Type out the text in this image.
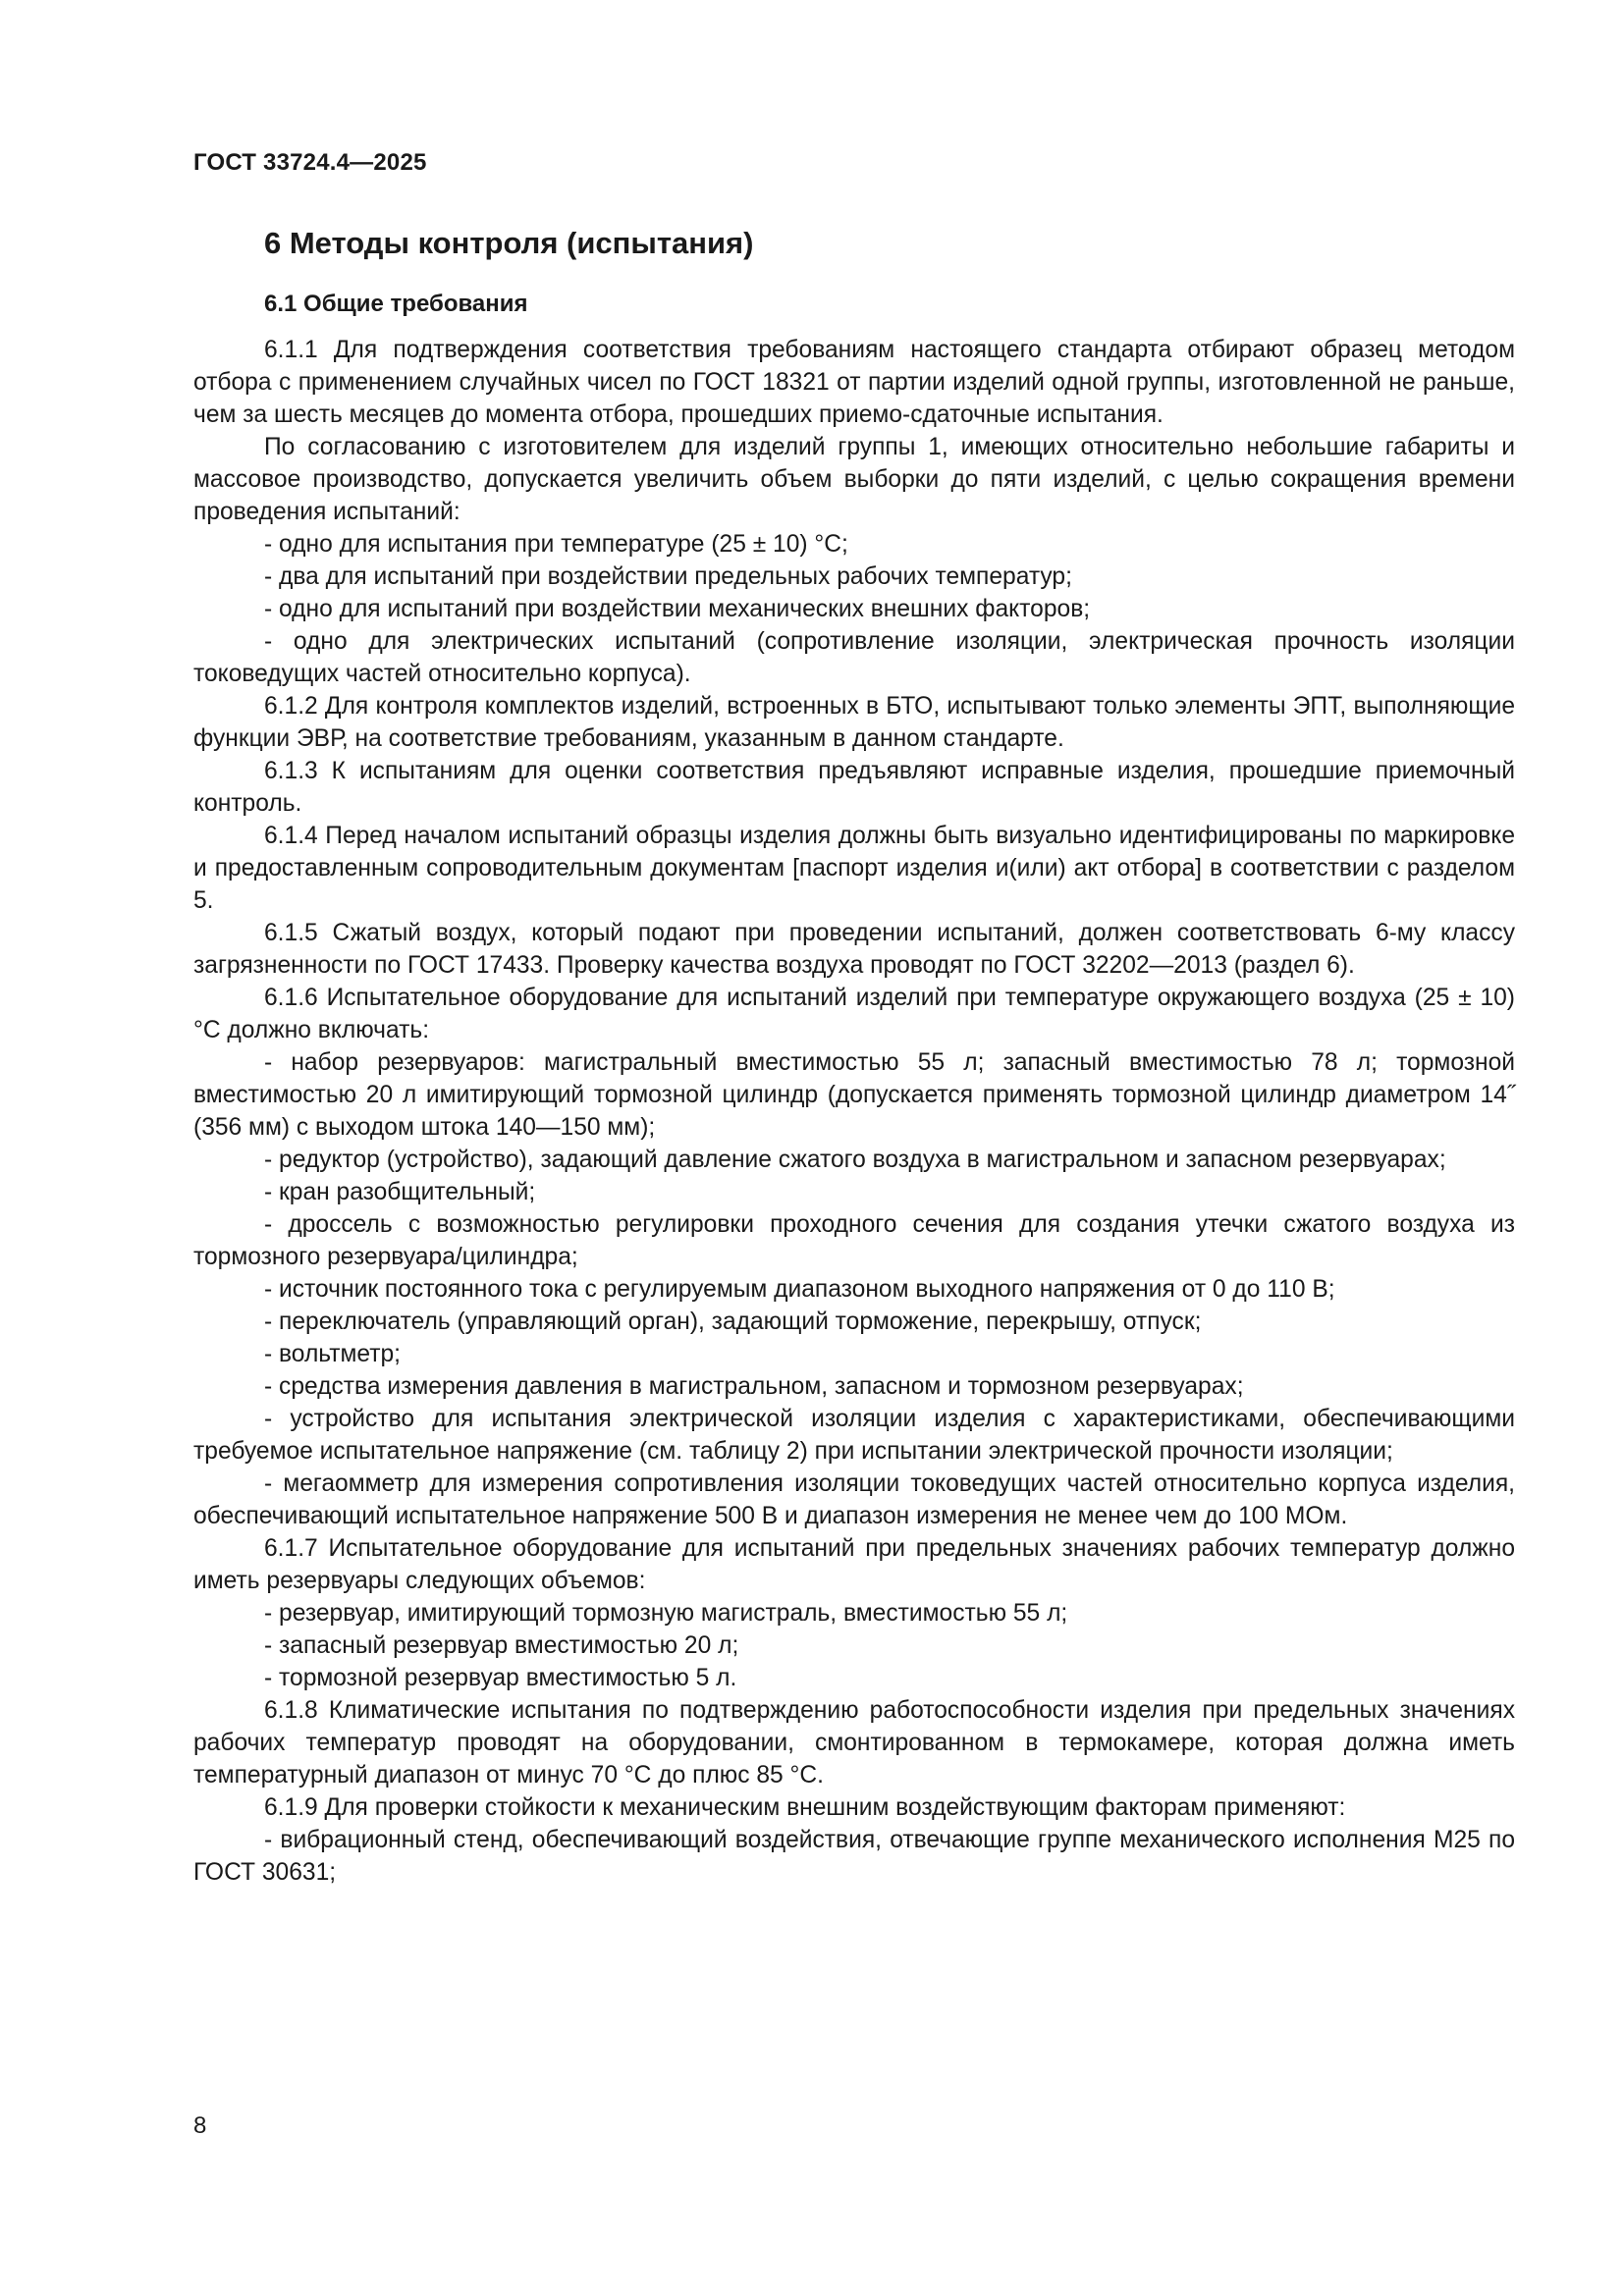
ГОСТ 33724.4—2025
6 Методы контроля (испытания)
6.1 Общие требования

6.1.1 Для подтверждения соответствия требованиям настоящего стандарта отбирают образец методом отбора с применением случайных чисел по ГОСТ 18321 от партии изделий одной группы, изготовленной не раньше, чем за шесть месяцев до момента отбора, прошедших приемо-сдаточные испытания.

По согласованию с изготовителем для изделий группы 1, имеющих относительно небольшие габариты и массовое производство, допускается увеличить объем выборки до пяти изделий, с целью сокращения времени проведения испытаний:

- одно для испытания при температуре (25 ± 10) °С;

- два для испытаний при воздействии предельных рабочих температур;

- одно для испытаний при воздействии механических внешних факторов;

- одно для электрических испытаний (сопротивление изоляции, электрическая прочность изоляции токоведущих частей относительно корпуса).

6.1.2 Для контроля комплектов изделий, встроенных в БТО, испытывают только элементы ЭПТ, выполняющие функции ЭВР, на соответствие требованиям, указанным в данном стандарте.

6.1.3 К испытаниям для оценки соответствия предъявляют исправные изделия, прошедшие приемочный контроль.

6.1.4 Перед началом испытаний образцы изделия должны быть визуально идентифицированы по маркировке и предоставленным сопроводительным документам [паспорт изделия и(или) акт отбора] в соответствии с разделом 5.

6.1.5 Сжатый воздух, который подают при проведении испытаний, должен соответствовать 6-му классу загрязненности по ГОСТ 17433. Проверку качества воздуха проводят по ГОСТ 32202—2013 (раздел 6).

6.1.6 Испытательное оборудование для испытаний изделий при температуре окружающего воздуха (25 ± 10) °С должно включать:

- набор резервуаров: магистральный вместимостью 55 л; запасный вместимостью 78 л; тормозной вместимостью 20 л имитирующий тормозной цилиндр (допускается применять тормозной цилиндр диаметром 14˝ (356 мм) с выходом штока 140—150 мм);

- редуктор (устройство), задающий давление сжатого воздуха в магистральном и запасном резервуарах;

- кран разобщительный;

- дроссель с возможностью регулировки проходного сечения для создания утечки сжатого воздуха из тормозного резервуара/цилиндра;

- источник постоянного тока с регулируемым диапазоном выходного напряжения от 0 до 110 В;

- переключатель (управляющий орган), задающий торможение, перекрышу, отпуск;

- вольтметр;

- средства измерения давления в магистральном, запасном и тормозном резервуарах;

- устройство для испытания электрической изоляции изделия с характеристиками, обеспечивающими требуемое испытательное напряжение (см. таблицу 2) при испытании электрической прочности изоляции;

- мегаомметр для измерения сопротивления изоляции токоведущих частей относительно корпуса изделия, обеспечивающий испытательное напряжение 500 В и диапазон измерения не менее чем до 100 МОм.

6.1.7 Испытательное оборудование для испытаний при предельных значениях рабочих температур должно иметь резервуары следующих объемов:

- резервуар, имитирующий тормозную магистраль, вместимостью 55 л;

- запасный резервуар вместимостью 20 л;

- тормозной резервуар вместимостью 5 л.

6.1.8 Климатические испытания по подтверждению работоспособности изделия при предельных значениях рабочих температур проводят на оборудовании, смонтированном в термокамере, которая должна иметь температурный диапазон от минус 70 °С до плюс 85 °С.

6.1.9 Для проверки стойкости к механическим внешним воздействующим факторам применяют:

- вибрационный стенд, обеспечивающий воздействия, отвечающие группе механического исполнения М25 по ГОСТ 30631;

8
